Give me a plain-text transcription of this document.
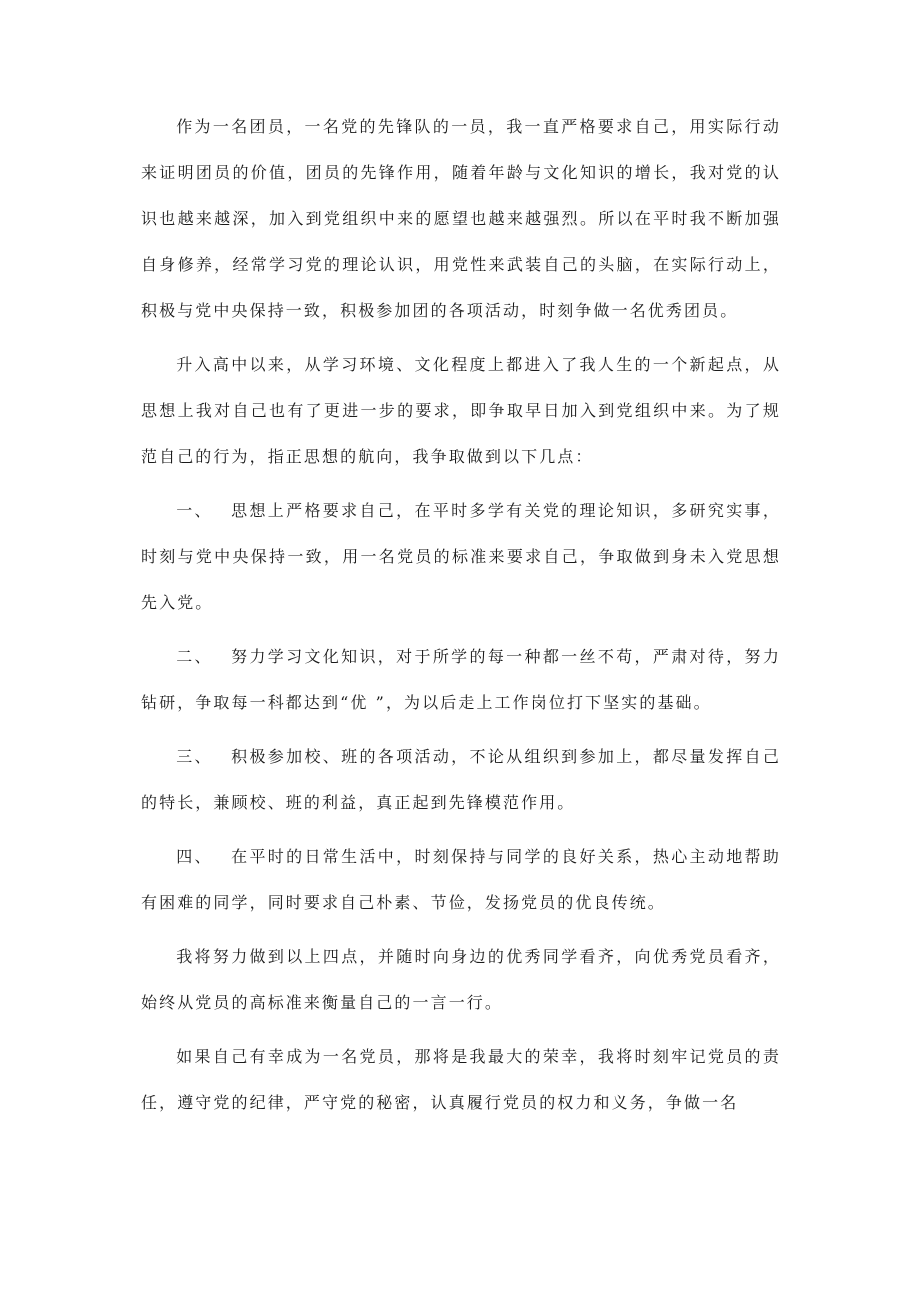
作为一名团员，一名党的先锋队的一员，我一直严格要求自己，用实际行动来证明团员的价值，团员的先锋作用，随着年龄与文化知识的增长，我对党的认识也越来越深，加入到党组织中来的愿望也越来越强烈。所以在平时我不断加强自身修养，经常学习党的理论认识，用党性来武装自己的头脑，在实际行动上，积极与党中央保持一致，积极参加团的各项活动，时刻争做一名优秀团员。

升入高中以来，从学习环境、文化程度上都进入了我人生的一个新起点，从思想上我对自己也有了更进一步的要求，即争取早日加入到党组织中来。为了规范自己的行为，指正思想的航向，我争取做到以下几点：

一、 思想上严格要求自己，在平时多学有关党的理论知识，多研究实事，时刻与党中央保持一致，用一名党员的标准来要求自己，争取做到身未入党思想先入党。

二、 努力学习文化知识，对于所学的每一种都一丝不苟，严肃对待，努力钻研，争取每一科都达到“优 ”，为以后走上工作岗位打下坚实的基础。

三、 积极参加校、班的各项活动，不论从组织到参加上，都尽量发挥自己的特长，兼顾校、班的利益，真正起到先锋模范作用。

四、 在平时的日常生活中，时刻保持与同学的良好关系，热心主动地帮助有困难的同学，同时要求自己朴素、节俭，发扬党员的优良传统。

我将努力做到以上四点，并随时向身边的优秀同学看齐，向优秀党员看齐，始终从党员的高标准来衡量自己的一言一行。

如果自己有幸成为一名党员，那将是我最大的荣幸，我将时刻牢记党员的责任，遵守党的纪律，严守党的秘密，认真履行党员的权力和义务，争做一名
